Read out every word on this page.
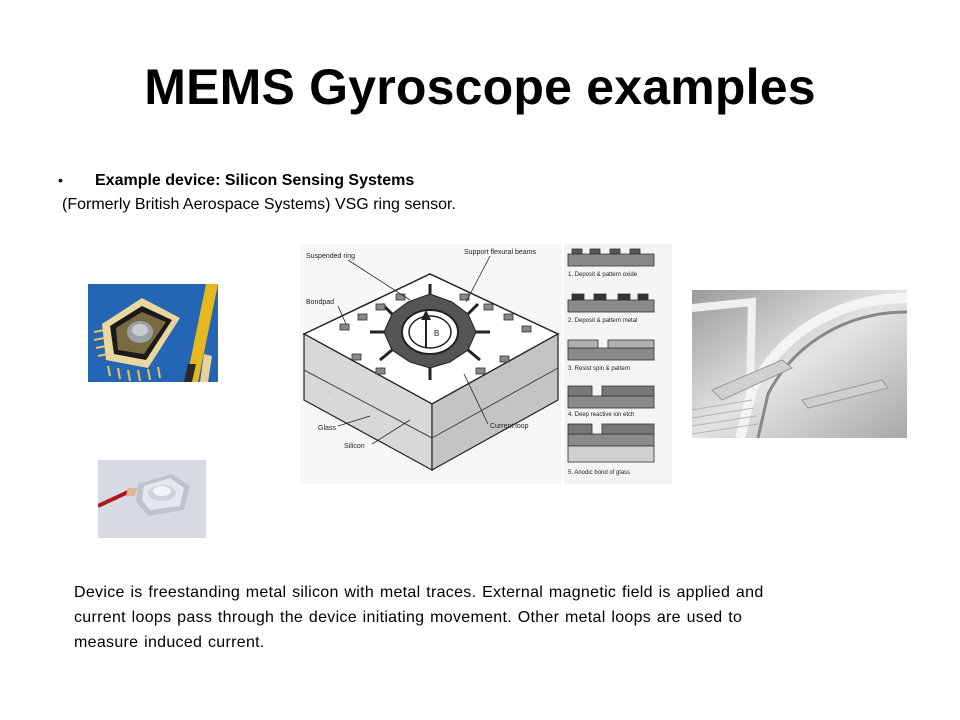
MEMS Gyroscope examples
• Example device: Silicon Sensing Systems
(Formerly British Aerospace Systems) VSG ring sensor.
B
Suspended ring
Bondpad
Support flexural beams
Glass
Silicon
Current loop
1. Deposit & pattern oxide
2. Deposit & pattern metal
3. Resist spin & pattern
4. Deep reactive ion etch
5. Anodic bond of glass
Device is freestanding metal silicon with metal traces. External magnetic field is applied and
current loops pass through the device initiating movement. Other metal loops are used to
measure induced current.
